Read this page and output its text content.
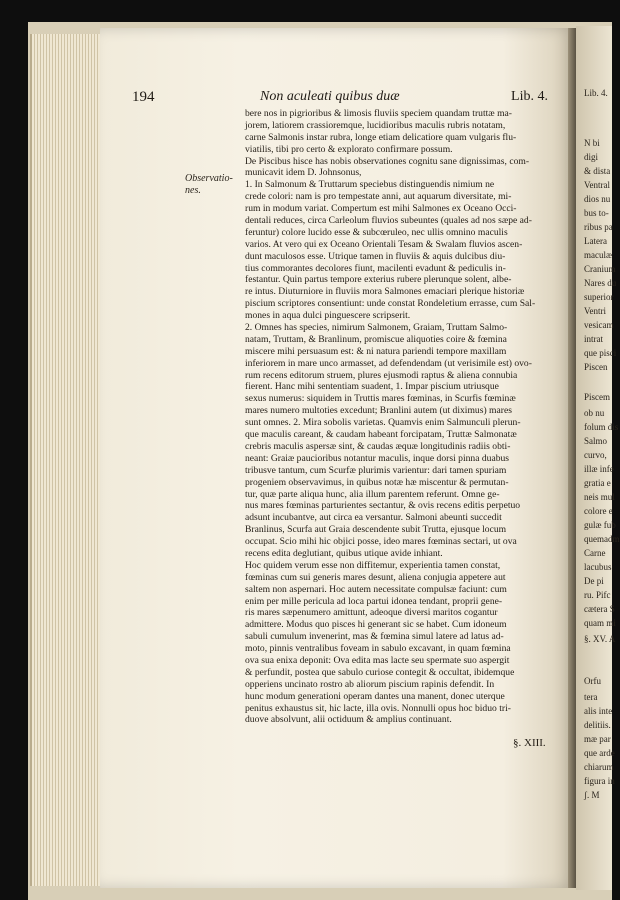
Lib. 4.
N bi
digi
& dista
Ventral
dios nu
bus to-
ribus pa
Latera
maculæ
Cranium
Nares du
superior
Ventri
vesicam
intrat
que pisci
Piscen
Piscem
ob nu
folum dis
Salmo
curvo,
illæ infe
gratia e
neis mul
colore e
gulæ fub
quemadm
Carne
lacubus
De pi
ru. Pifc
cætera S
quam mi
§. XV. A
Orfu
tera
alis inte
delitiis.
mæ par
que arde
chiarum
figura in
ʃ. M
194	Non aculeati quibus duæ	Lib. 4.
Observatio-nes.
bere nos in pigrioribus & limosis fluviis speciem quandam truttæ ma-
jorem, latiorem crassioremque, lucidioribus maculis rubris notatam,
carne Salmonis instar rubra, longe etiam delicatiore quam vulgaris flu-
viatilis, tibi pro certo & explorato confirmare possum.
De Piscibus hisce has nobis observationes cognitu sane dignissimas, com-
municavit idem D. Johnsonus,
1. In Salmonum & Truttarum speciebus distinguendis nimium ne
crede colori: nam is pro tempestate anni, aut aquarum diversitate, mi-
rum in modum variat. Compertum est mihi Salmones ex Oceano Occi-
dentali reduces, circa Carleolum fluvios subeuntes (quales ad nos sæpe ad-
feruntur) colore lucido esse & subcœruleo, nec ullis omnino maculis
varios. At vero qui ex Oceano Orientali Tesam & Swalam fluvios ascen-
dunt maculosos esse. Utrique tamen in fluviis & aquis dulcibus diu-
tius commorantes decolores fiunt, macilenti evadunt & pediculis in-
festantur. Quin partus tempore exterius rubere plerunque solent, albe-
re intus. Diuturniore in fluviis mora Salmones emaciari plerique historiæ
piscium scriptores consentiunt: unde constat Rondeletium errasse, cum Sal-
mones in aqua dulci pinguescere scripserit.
2. Omnes has species, nimirum Salmonem, Graiam, Truttam Salmo-
natam, Truttam, & Branlinum, promiscue aliquoties coire & fœmina
miscere mihi persuasum est: & ni natura pariendi tempore maxillam
inferiorem in mare unco armasset, ad defendendam (ut verisimile est) ovo-
rum recens editorum struem, plures ejusmodi raptus & aliena connubia
fierent. Hanc mihi sententiam suadent, 1. Impar piscium utriusque
sexus numerus: siquidem in Truttis mares fœminas, in Scurfis fœminæ
mares numero multoties excedunt; Branlini autem (ut diximus) mares
sunt omnes. 2. Mira sobolis varietas. Quamvis enim Salmunculi plerun-
que maculis careant, & caudam habeant forcipatam, Truttæ Salmonatæ
crebris maculis aspersæ sint, & caudas æquæ longitudinis radiis obti-
neant: Graiæ paucioribus notantur maculis, inque dorsi pinna duabus
tribusve tantum, cum Scurfæ plurimis varientur: dari tamen spuriam
progeniem observavimus, in quibus notæ hæ miscentur & permutan-
tur, quæ parte aliqua hunc, alia illum parentem referunt. Omne ge-
nus mares fœminas parturientes sectantur, & ovis recens editis perpetuo
adsunt incubantve, aut circa ea versantur. Salmoni abeunti succedit
Branlinus, Scurfa aut Graia descendente subit Trutta, ejusque locum
occupat. Scio mihi hic objici posse, ideo mares fœminas sectari, ut ova
recens edita deglutiant, quibus utique avide inhiant.
Hoc quidem verum esse non diffitemur, experientia tamen constat,
fœminas cum sui generis mares desunt, aliena conjugia appetere aut
saltem non aspernari. Hoc autem necessitate compulsæ faciunt: cum
enim per mille pericula ad loca partui idonea tendant, proprii gene-
ris mares sæpenumero amittunt, adeoque diversi maritos cogantur
admittere. Modus quo pisces hi generant sic se habet. Cum idoneum
sabuli cumulum invenerint, mas & fœmina simul latere ad latus ad-
moto, pinnis ventralibus foveam in sabulo excavant, in quam fœmina
ova sua enixa deponit: Ova edita mas lacte seu spermate suo aspergit
& perfundit, postea que sabulo curiose contegit & occultat, ibidemque
opperiens uncinato rostro ab aliorum piscium rapinis defendit. In
hunc modum generationi operam dantes una manent, donec uterque
penitus exhaustus sit, hic lacte, illa ovis. Nonnulli opus hoc biduo tri-
duove absolvunt, alii octiduum & amplius continuant.
§. XIII.
